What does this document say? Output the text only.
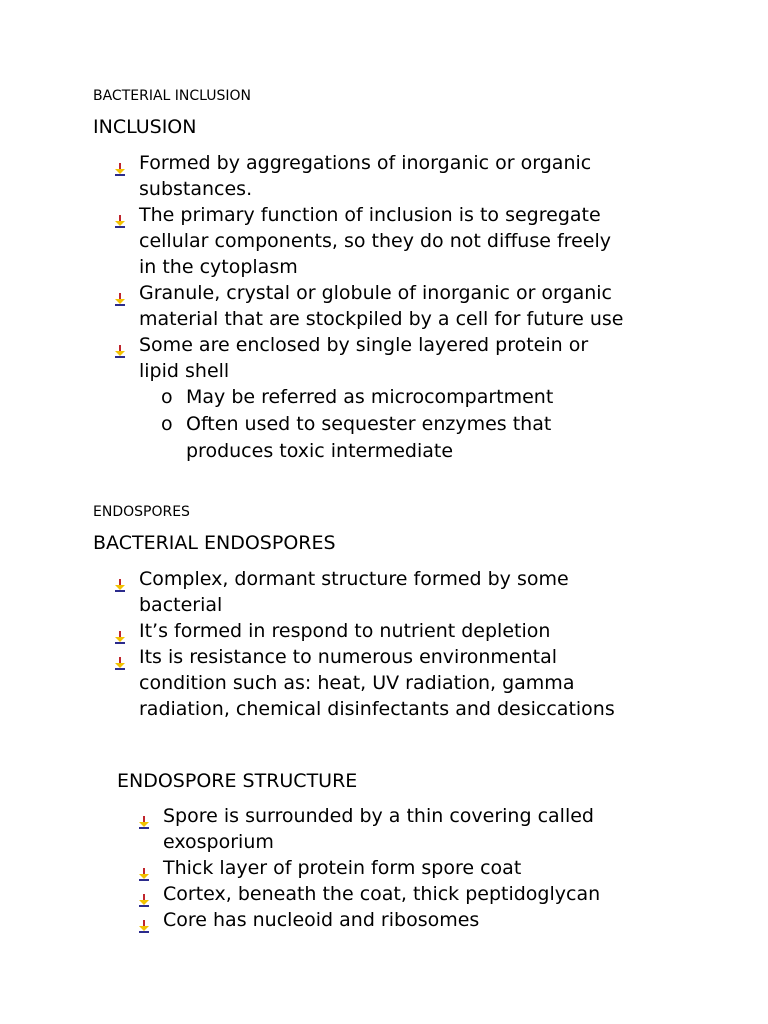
BACTERIAL INCLUSION
INCLUSION
Formed by aggregations of inorganic or organic
substances.
The primary function of inclusion is to segregate
cellular components, so they do not diffuse freely
in the cytoplasm
Granule, crystal or globule of inorganic or organic
material that are stockpiled by a cell for future use
Some are enclosed by single layered protein or
lipid shell
o May be referred as microcompartment
o Often used to sequester enzymes that
produces toxic intermediate
ENDOSPORES
BACTERIAL ENDOSPORES
Complex, dormant structure formed by some
bacterial
It’s formed in respond to nutrient depletion
Its is resistance to numerous environmental
condition such as: heat, UV radiation, gamma
radiation, chemical disinfectants and desiccations
ENDOSPORE STRUCTURE
Spore is surrounded by a thin covering called
exosporium
Thick layer of protein form spore coat
Cortex, beneath the coat, thick peptidoglycan
Core has nucleoid and ribosomes
